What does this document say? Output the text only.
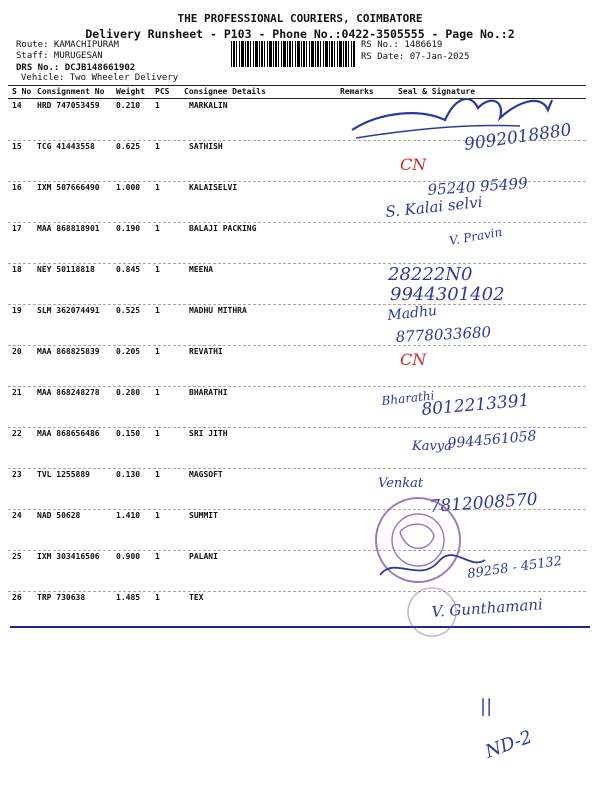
THE PROFESSIONAL COURIERS, COIMBATORE
Delivery Runsheet - P103 - Phone No.:0422-3505555 - Page No.:2
Route: KAMACHIPURAM
Staff: MURUGESAN
DRS No.: DCJB148661902
Vehicle: Two Wheeler Delivery
RS No.: 1486619
RS Date: 07-Jan-2025
S No Consignment No Weight PCS Consignee Details	Remarks	Seal & Signature
14 HRD 747053459 0.210 1	MARKALIN
15 TCG 41443558	0.625 1	SATHISH
16 IXM 507666490 1.000 1	KALAISELVI
17 MAA 868818901 0.190 1	BALAJI PACKING
18 NEY 50118818	0.845 1	MEENA
19 SLM 362074491 0.525 1	MADHU MITHRA
20 MAA 868825839 0.205 1	REVATHI
21 MAA 868248278 0.280 1	BHARATHI
22 MAA 868656486 0.150 1	SRI JITH
23 TVL 1255889	0.130 1	MAGSOFT
24 NAD 50628	1.410 1	SUMMIT
25 IXM 303416506 0.900 1	PALANI
26 TRP 730638	1.485 1	TEX
9092018880
CN
95240 95499
S. Kalai selvi
V. Pravin
28222N0
9944301402
Madhu
8778033680
CN
Bharathi
8012213391
Kavya
9944561058
Venkat
7812008570
89258 - 45132
V. Gunthamani
||
ND-2
